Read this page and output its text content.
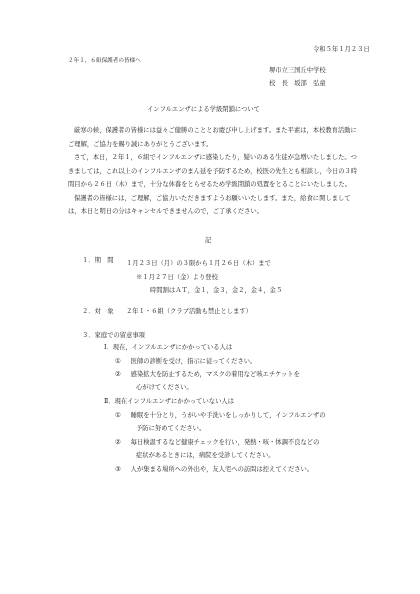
令和５年１月２３日
２年１，６組保護者の皆様へ
堺市立三国丘中学校
校　長　坂部　弘童
インフルエンザによる学級閉鎖について

厳寒の候，保護者の皆様には益々ご健勝のこととお慶び申し上げます。また平素は，本校教育活動にご理解，ご協力を賜り誠にありがとうございます。

さて，本日，２年１，６組でインフルエンザに感染したり，疑いのある生徒が急増いたしました。つきましては，これ以上のインフルエンザのまん延を予防するため，校医の先生とも相談し，今日の３時間目から２６日（木）まで，十分な休養をとらせるため学級閉鎖の処置をとることにいたしました。

保護者の皆様には，ご理解，ご協力いただきますようお願いいたします。また，給食に関しましては，本日と明日の分はキャンセルできませんので，ご了承ください。

記
１．期　間 １月２３日（月）の３限から１月２６日（木）まで
※１月２７日（金）より登校
時間割はＡＴ，金１，金３，金２，金４，金５
２．対　象 ２年１・６組（クラブ活動も禁止とします）
３．家庭での留意事項
Ⅰ．現在，インフルエンザにかかっている人は
① 医師の診断を受け，指示に従ってください。
② 感染拡大を防止するため，マスクの着用など咳エチケットを
心がけてください。
Ⅱ．現在インフルエンザにかかっていない人は
① 睡眠を十分とり，うがいや手洗いをしっかりして，インフルエンザの
予防に努めてください。
② 毎日検温するなど健康チェックを行い，発熱・咳・体調不良などの
症状があるときには，病院を受診してください。
③ 人が集まる場所への外出や，友人宅への訪問は控えてください。
